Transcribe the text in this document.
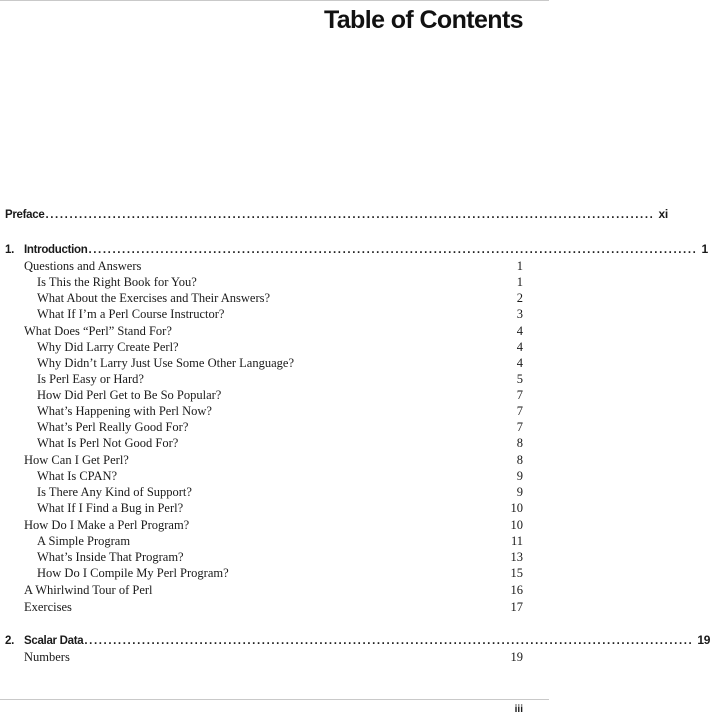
Table of Contents
Preface ............................................................................................................................... xi
1. Introduction ............................................................................................................................... 1
Questions and Answers	1
Is This the Right Book for You?	1
What About the Exercises and Their Answers?	2
What If I’m a Perl Course Instructor?	3
What Does “Perl” Stand For?	4
Why Did Larry Create Perl?	4
Why Didn’t Larry Just Use Some Other Language?	4
Is Perl Easy or Hard?	5
How Did Perl Get to Be So Popular?	7
What’s Happening with Perl Now?	7
What’s Perl Really Good For?	7
What Is Perl Not Good For?	8
How Can I Get Perl?	8
What Is CPAN?	9
Is There Any Kind of Support?	9
What If I Find a Bug in Perl?	10
How Do I Make a Perl Program?	10
A Simple Program	11
What’s Inside That Program?	13
How Do I Compile My Perl Program?	15
A Whirlwind Tour of Perl	16
Exercises	17
2. Scalar Data ............................................................................................................................... 19
Numbers	19
iii
